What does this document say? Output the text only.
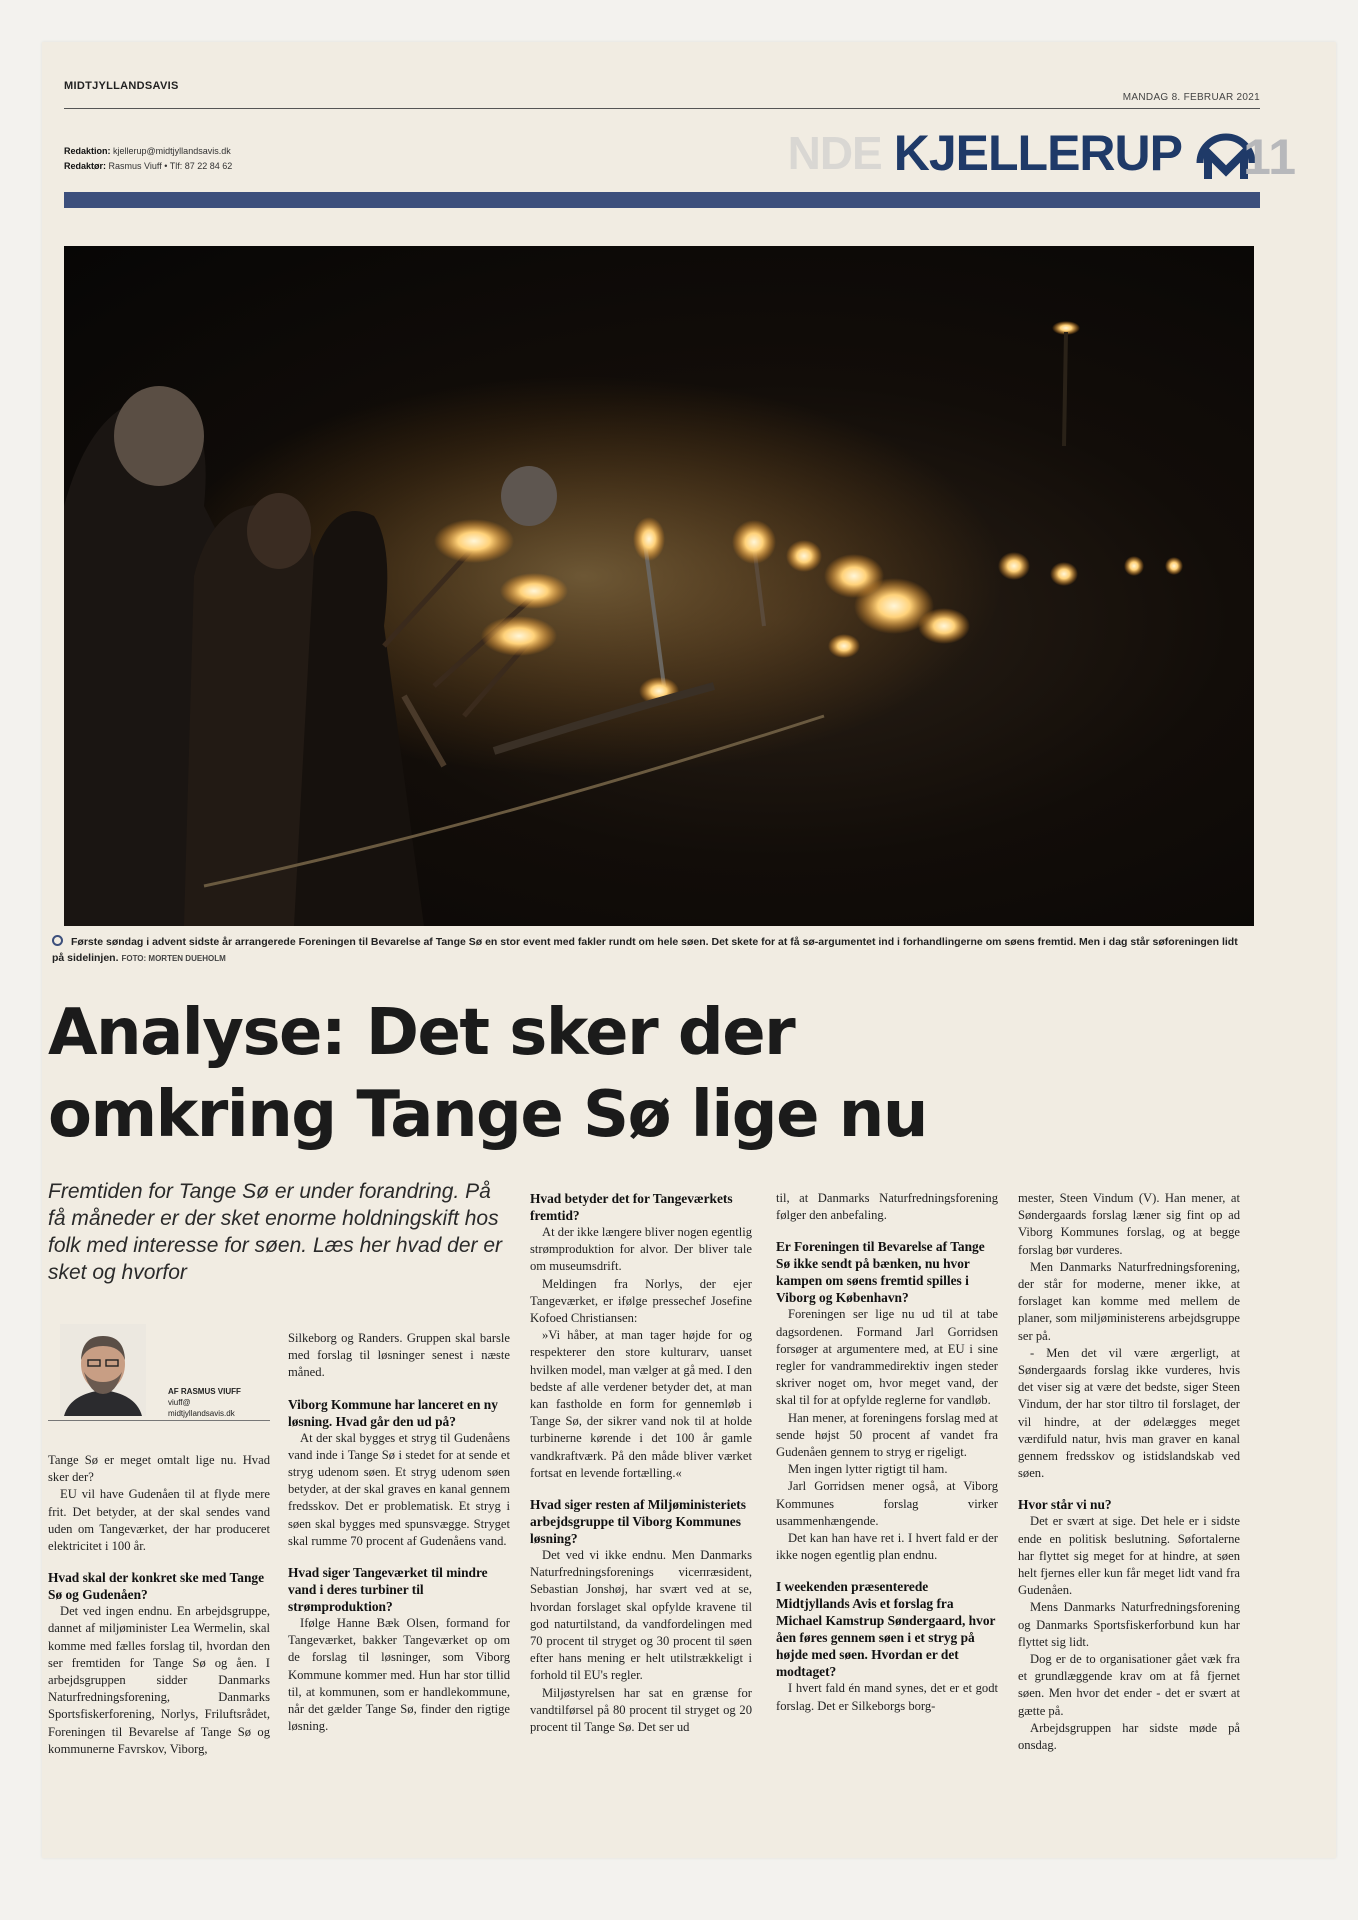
MIDTJYLLANDSAVIS
MANDAG 8. FEBRUAR 2021
Redaktion: kjellerup@midtjyllandsavis.dk
Redaktør: Rasmus Viuff • Tlf: 87 22 84 62	NDE KJELLERUP 11
Første søndag i advent sidste år arrangerede Foreningen til Bevarelse af Tange Sø en stor event med fakler rundt om hele søen. Det skete for at få sø-argumentet ind i forhandlingerne om søens fremtid. Men i dag står søforeningen lidt på sidelinjen. FOTO: MORTEN DUEHOLM
Analyse: Det sker der
omkring Tange Sø lige nu
Fremtiden for Tange Sø er under forandring. På få måneder er der sket enorme holdningskift hos folk med interesse for søen. Læs her hvad der er sket og hvorfor
AF RASMUS VIUFF
viuff@
midtjyllandsavis.dk

Tange Sø er meget omtalt lige nu. Hvad sker der?

EU vil have Gudenåen til at flyde mere frit. Det betyder, at der skal sendes vand uden om Tangeværket, der har produceret elektricitet i 100 år.

Hvad skal der konkret ske med Tange Sø og Gudenåen?

Det ved ingen endnu. En arbejdsgruppe, dannet af miljøminister Lea Wermelin, skal komme med fælles forslag til, hvordan den ser fremtiden for Tange Sø og åen. I arbejdsgruppen sidder Danmarks Naturfredningsforening, Danmarks Sportsfiskerforening, Norlys, Friluftsrådet, Foreningen til Bevarelse af Tange Sø og kommunerne Favrskov, Viborg,

Silkeborg og Randers. Gruppen skal barsle med forslag til løsninger senest i næste måned.

Viborg Kommune har lanceret en ny løsning. Hvad går den ud på?

At der skal bygges et stryg til Gudenåens vand inde i Tange Sø i stedet for at sende et stryg udenom søen. Et stryg udenom søen betyder, at der skal graves en kanal gennem fredsskov. Det er problematisk. Et stryg i søen skal bygges med spunsvægge. Stryget skal rumme 70 procent af Gudenåens vand.

Hvad siger Tangeværket til mindre vand i deres turbiner til strømproduktion?

Ifølge Hanne Bæk Olsen, formand for Tangeværket, bakker Tangeværket op om de forslag til løsninger, som Viborg Kommune kommer med. Hun har stor tillid til, at kommunen, som er handlekommune, når det gælder Tange Sø, finder den rigtige løsning.

Hvad betyder det for Tangeværkets fremtid?

At der ikke længere bliver nogen egentlig strømproduktion for alvor. Der bliver tale om museumsdrift.

Meldingen fra Norlys, der ejer Tangeværket, er ifølge pressechef Josefine Kofoed Christiansen:

»Vi håber, at man tager højde for og respekterer den store kulturarv, uanset hvilken model, man vælger at gå med. I den bedste af alle verdener betyder det, at man kan fastholde en form for gennemløb i Tange Sø, der sikrer vand nok til at holde turbinerne kørende i det 100 år gamle vandkraftværk. På den måde bliver værket fortsat en levende fortælling.«

Hvad siger resten af Miljøministeriets arbejdsgruppe til Viborg Kommunes løsning?

Det ved vi ikke endnu. Men Danmarks Naturfredningsforenings viceпræsident, Sebastian Jonshøj, har svært ved at se, hvordan forslaget skal opfylde kravene til god naturtilstand, da vandfordelingen med 70 procent til stryget og 30 procent til søen efter hans mening er helt utilstrækkeligt i forhold til EU's regler.

Miljøstyrelsen har sat en grænse for vandtilførsel på 80 procent til stryget og 20 procent til Tange Sø. Det ser ud

til, at Danmarks Naturfredningsforening følger den anbefaling.

Er Foreningen til Bevarelse af Tange Sø ikke sendt på bænken, nu hvor kampen om søens fremtid spilles i Viborg og København?

Foreningen ser lige nu ud til at tabe dagsordenen. Formand Jarl Gorridsen forsøger at argumentere med, at EU i sine regler for vandrammedirektiv ingen steder skriver noget om, hvor meget vand, der skal til for at opfylde reglerne for vandløb.

Han mener, at foreningens forslag med at sende højst 50 procent af vandet fra Gudenåen gennem to stryg er rigeligt.

Men ingen lytter rigtigt til ham.

Jarl Gorridsen mener også, at Viborg Kommunes forslag virker usammenhængende.

Det kan han have ret i. I hvert fald er der ikke nogen egentlig plan endnu.

I weekenden præsenterede Midtjyllands Avis et forslag fra Michael Kamstrup Søndergaard, hvor åen føres gennem søen i et stryg på højde med søen. Hvordan er det modtaget?

I hvert fald én mand synes, det er et godt forslag. Det er Silkeborgs borg-

mester, Steen Vindum (V). Han mener, at Søndergaards forslag læner sig fint op ad Viborg Kommunes forslag, og at begge forslag bør vurderes.

Men Danmarks Naturfredningsforening, der står for moderne, mener ikke, at forslaget kan komme med mellem de planer, som miljøministerens arbejdsgruppe ser på.

- Men det vil være ærgerligt, at Søndergaards forslag ikke vurderes, hvis det viser sig at være det bedste, siger Steen Vindum, der har stor tiltro til forslaget, der vil hindre, at der ødelægges meget værdifuld natur, hvis man graver en kanal gennem fredsskov og istidslandskab ved søen.

Hvor står vi nu?

Det er svært at sige. Det hele er i sidste ende en politisk beslutning. Søfortalerne har flyttet sig meget for at hindre, at søen helt fjernes eller kun får meget lidt vand fra Gudenåen.

Mens Danmarks Naturfredningsforening og Danmarks Sportsfiskerforbund kun har flyttet sig lidt.

Dog er de to organisationer gået væk fra et grundlæggende krav om at få fjernet søen. Men hvor det ender - det er svært at gætte på.

Arbejdsgruppen har sidste møde på onsdag.
